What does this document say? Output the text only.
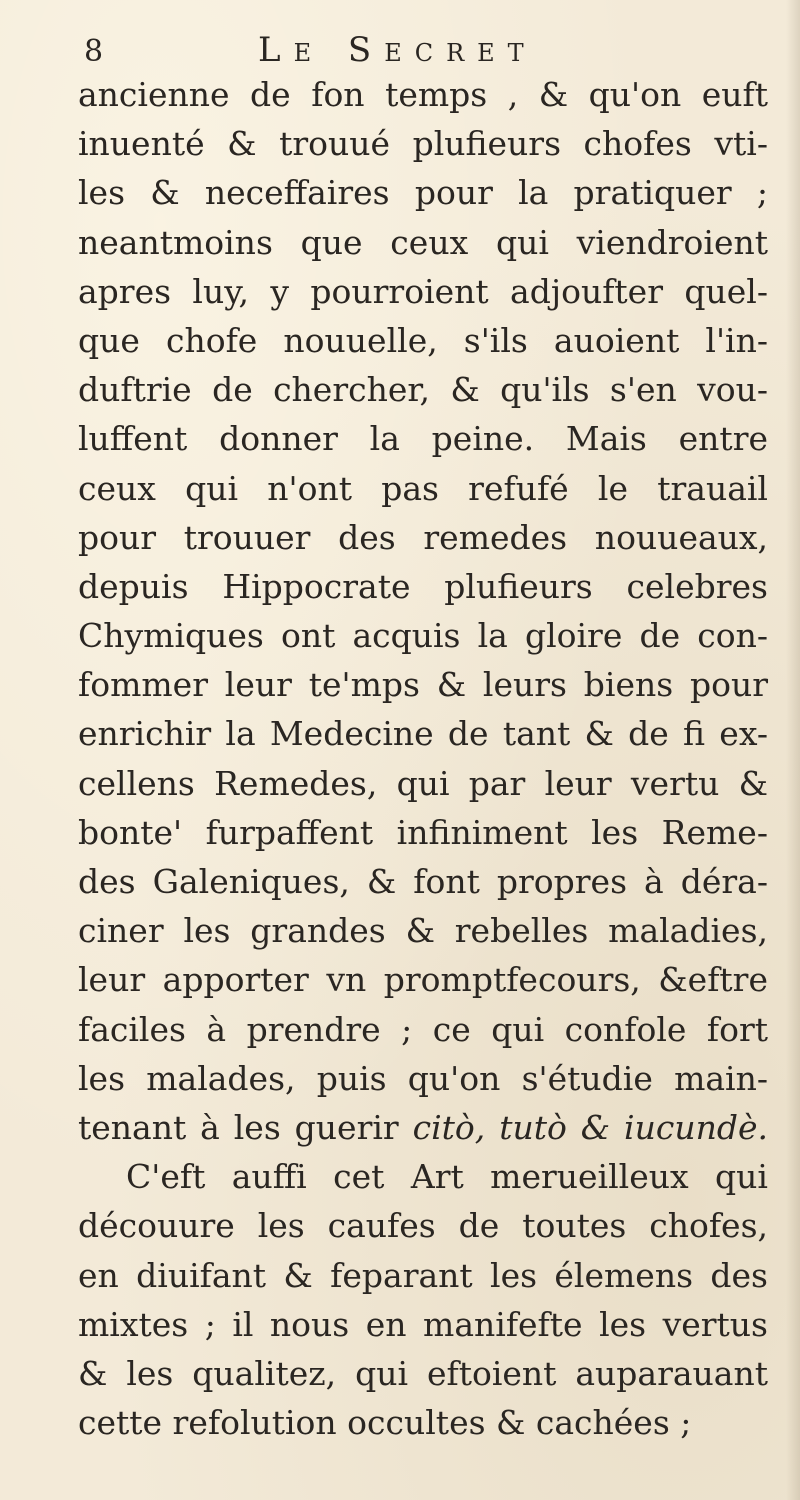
8	Le Secret
ancienne de fon temps , & qu'on euft
inuenté & trouué plufieurs chofes vti-
les & neceffaires pour la pratiquer ;
neantmoins que ceux qui viendroient
apres luy, y pourroient adjoufter quel-
que chofe nouuelle, s'ils auoient l'in-
duftrie de chercher, & qu'ils s'en vou-
luffent donner la peine. Mais entre
ceux qui n'ont pas refufé le trauail
pour trouuer des remedes nouueaux,
depuis Hippocrate plufieurs celebres
Chymiques ont acquis la gloire de con-
fommer leur te'mps & leurs biens pour
enrichir la Medecine de tant & de fi ex-
cellens Remedes, qui par leur vertu &
bonte' furpaffent infiniment les Reme-
des Galeniques, & font propres à déra-
ciner les grandes & rebelles maladies,
leur apporter vn promptfecours, &eftre
faciles à prendre ; ce qui confole fort
les malades, puis qu'on s'étudie main-
tenant à les guerir citò, tutò & iucundè.
C'eft auffi cet Art merueilleux qui
découure les caufes de toutes chofes,
en diuifant & feparant les élemens des
mixtes ; il nous en manifefte les vertus
& les qualitez, qui eftoient auparauant
cette refolution occultes & cachées ;
